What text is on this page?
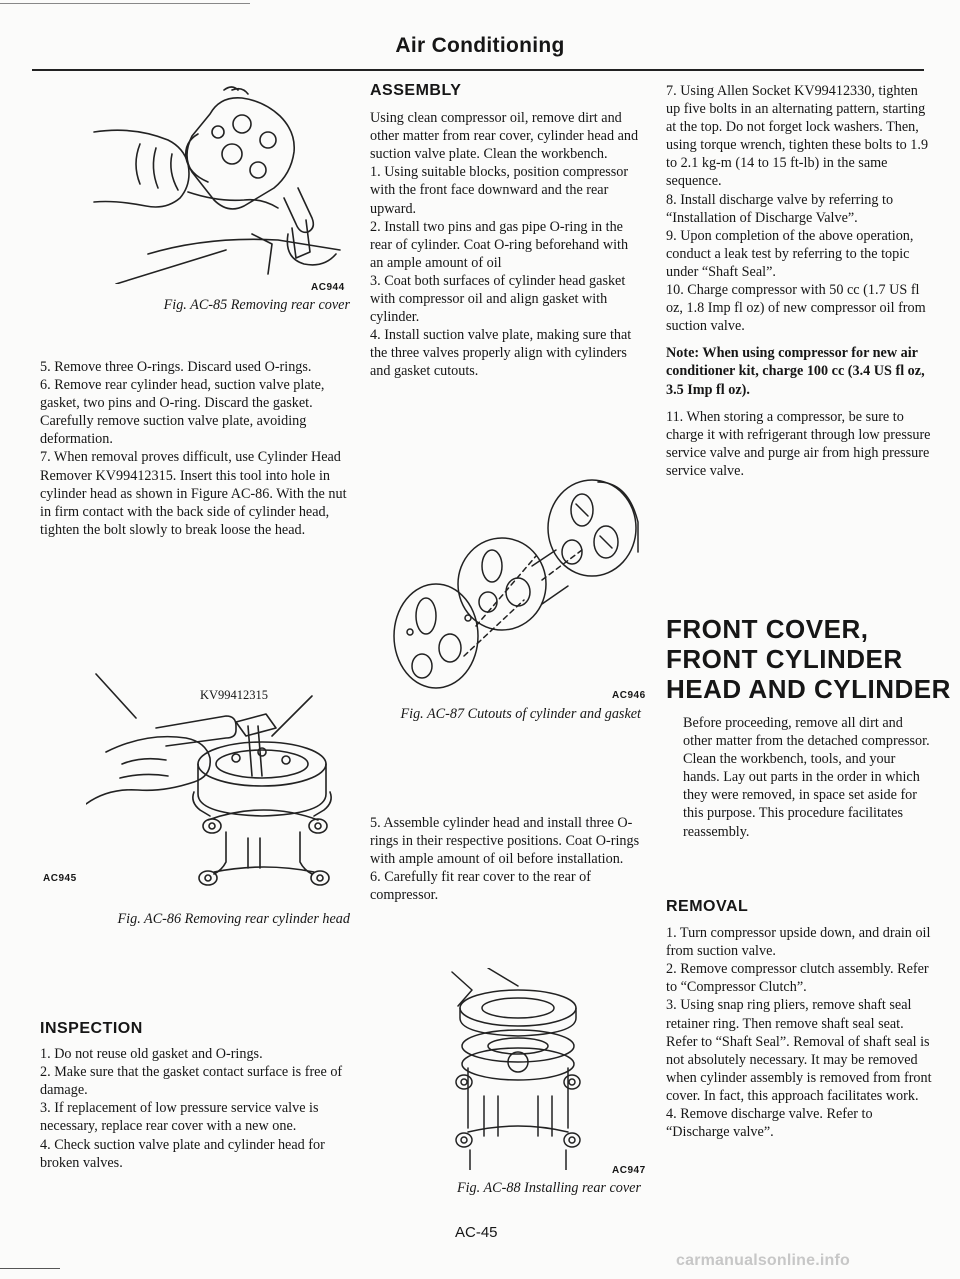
Air Conditioning
AC944
Fig. AC-85 Removing rear cover

5. Remove three O-rings. Discard used O-rings.

6. Remove rear cylinder head, suction valve plate, gasket, two pins and O-ring. Discard the gasket. Carefully remove suction valve plate, avoiding deformation.

7. When removal proves difficult, use Cylinder Head Remover KV99412315. Insert this tool into hole in cylinder head as shown in Figure AC-86. With the nut in firm contact with the back side of cylinder head, tighten the bolt slowly to break loose the head.

KV99412315
AC945
Fig. AC-86 Removing rear cylinder head

INSPECTION

1. Do not reuse old gasket and O-rings.

2. Make sure that the gasket contact surface is free of damage.

3. If replacement of low pressure service valve is necessary, replace rear cover with a new one.

4. Check suction valve plate and cylinder head for broken valves.

ASSEMBLY

Using clean compressor oil, remove dirt and other matter from rear cover, cylinder head and suction valve plate. Clean the workbench.

1. Using suitable blocks, position compressor with the front face downward and the rear upward.

2. Install two pins and gas pipe O-ring in the rear of cylinder. Coat O-ring beforehand with an ample amount of oil

3. Coat both surfaces of cylinder head gasket with compressor oil and align gasket with cylinder.

4. Install suction valve plate, making sure that the three valves properly align with cylinders and gasket cutouts.

AC946
Fig. AC-87 Cutouts of cylinder and gasket

5. Assemble cylinder head and install three O-rings in their respective positions. Coat O-rings with ample amount of oil before installation.

6. Carefully fit rear cover to the rear of compressor.

AC947
Fig. AC-88 Installing rear cover

7. Using Allen Socket KV99412330, tighten up five bolts in an alternating pattern, starting at the top. Do not forget lock washers. Then, using torque wrench, tighten these bolts to 1.9 to 2.1 kg-m (14 to 15 ft-lb) in the same sequence.

8. Install discharge valve by referring to “Installation of Discharge Valve”.

9. Upon completion of the above operation, conduct a leak test by referring to the topic under “Shaft Seal”.

10. Charge compressor with 50 cc (1.7 US fl oz, 1.8 Imp fl oz) of new compressor oil from suction valve.

Note: When using compressor for new air conditioner kit, charge 100 cc (3.4 US fl oz, 3.5 Imp fl oz).

11. When storing a compressor, be sure to charge it with refrigerant through low pressure service valve and purge air from high pressure service valve.

FRONT COVER,

FRONT CYLINDER

HEAD AND CYLINDER

Before proceeding, remove all dirt and other matter from the detached compressor. Clean the workbench, tools, and your hands. Lay out parts in the order in which they were removed, in space set aside for this purpose. This procedure facilitates reassembly.

REMOVAL

1. Turn compressor upside down, and drain oil from suction valve.

2. Remove compressor clutch assembly. Refer to “Compressor Clutch”.

3. Using snap ring pliers, remove shaft seal retainer ring. Then remove shaft seal seat. Refer to “Shaft Seal”. Removal of shaft seal is not absolutely necessary. It may be removed when cylinder assembly is removed from front cover. In fact, this approach facilitates work.

4. Remove discharge valve. Refer to “Discharge valve”.

AC-45
carmanualsonline.info
